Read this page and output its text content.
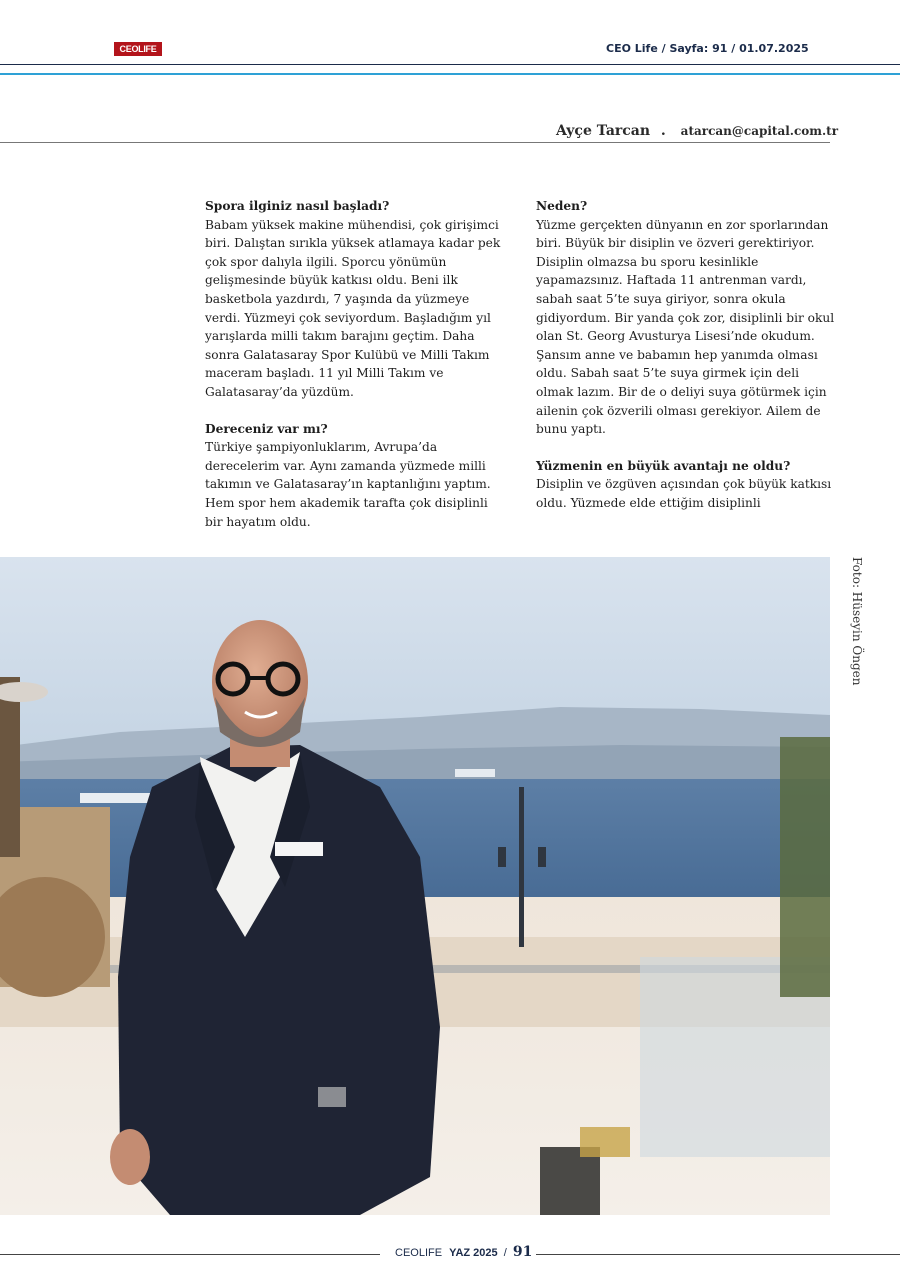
CEOLIFE	CEO Life / Sayfa: 91 / 01.07.2025
Ayçe Tarcan . atarcan@capital.com.tr

Spora ilginiz nasıl başladı?

Babam yüksek makine mühendisi, çok girişimci biri. Dalıştan sırıkla yüksek atlamaya kadar pek çok spor dalıyla ilgili. Sporcu yönümün gelişmesinde büyük katkısı oldu. Beni ilk basketbola yazdırdı, 7 yaşında da yüzmeye verdi. Yüzmeyi çok seviyordum. Başladığım yıl yarışlarda milli takım barajını geçtim. Daha sonra Galatasaray Spor Kulübü ve Milli Takım maceram başladı. 11 yıl Milli Takım ve Galatasaray’da yüzdüm.

Dereceniz var mı?

Türkiye şampiyonluklarım, Avrupa’da derecelerim var. Aynı zamanda yüzmede milli takımın ve Galatasaray’ın kaptanlığını yaptım. Hem spor hem akademik tarafta çok disiplinli bir hayatım oldu.

Neden?

Yüzme gerçekten dünyanın en zor sporlarından biri. Büyük bir disiplin ve özveri gerektiriyor. Disiplin olmazsa bu sporu kesinlikle yapamazsınız. Haftada 11 antrenman vardı, sabah saat 5’te suya giriyor, sonra okula gidiyordum. Bir yanda çok zor, disiplinli bir okul olan St. Georg Avusturya Lisesi’nde okudum. Şansım anne ve babamın hep yanımda olması oldu. Sabah saat 5’te suya girmek için deli olmak lazım. Bir de o deliyi suya götürmek için ailenin çok özverili olması gerekiyor. Ailem de bunu yaptı.

Yüzmenin en büyük avantajı ne oldu?

Disiplin ve özgüven açısından çok büyük katkısı oldu. Yüzmede elde ettiğim disiplinli

Foto: Hüseyin Öngen
CEOLIFE YAZ 2025 / 91
